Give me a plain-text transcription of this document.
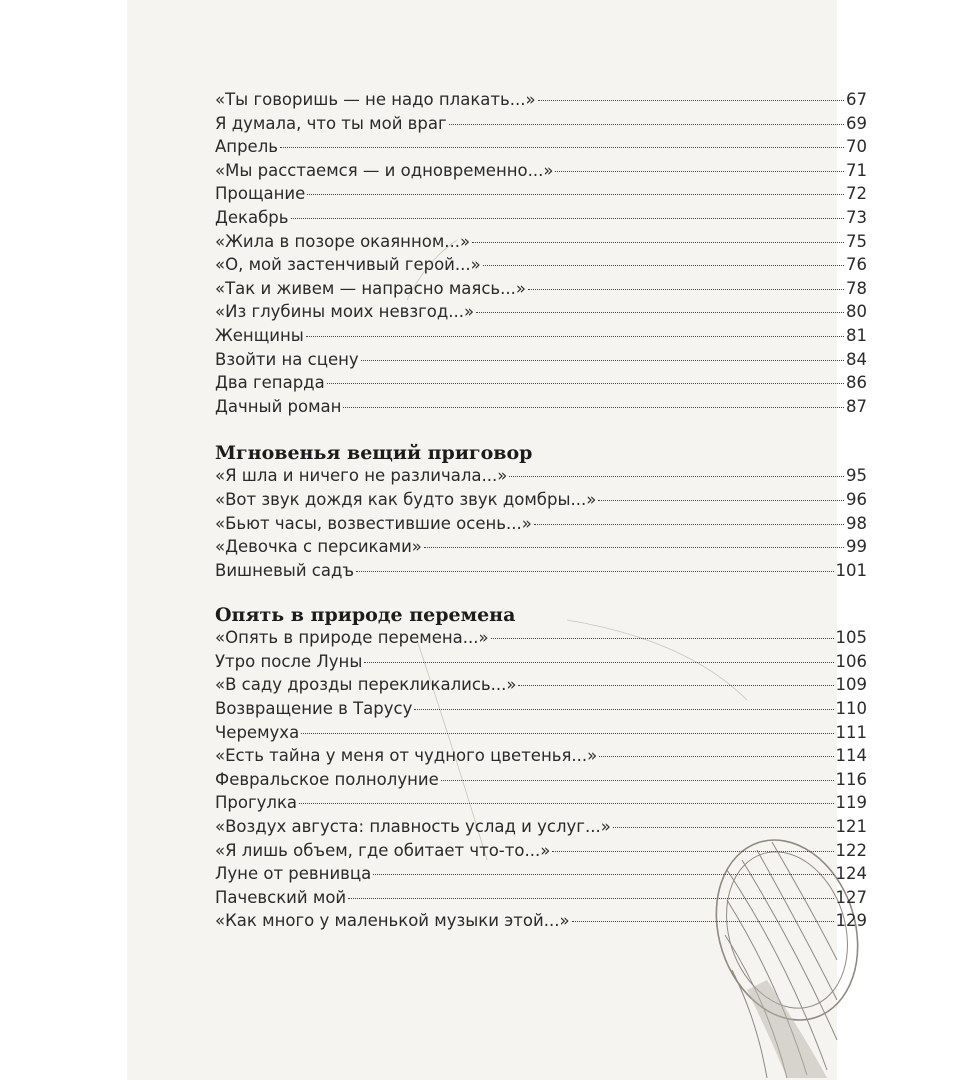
«Ты говоришь — не надо плакать...»	67
Я думала, что ты мой враг	69
Апрель	70
«Мы расстаемся — и одновременно...»	71
Прощание	72
Декабрь	73
«Жила в позоре окаянном...»	75
«О, мой застенчивый герой...»	76
«Так и живем — напрасно маясь...»	78
«Из глубины моих невзгод...»	80
Женщины	81
Взойти на сцену	84
Два гепарда	86
Дачный роман	87
Мгновенья вещий приговор
«Я шла и ничего не различала...»	95
«Вот звук дождя как будто звук домбры...»	96
«Бьют часы, возвестившие осень...»	98
«Девочка с персиками»	99
Вишневый садъ	101
Опять в природе перемена
«Опять в природе перемена...»	105
Утро после Луны	106
«В саду дрозды перекликались...»	109
Возвращение в Тарусу	110
Черемуха	111
«Есть тайна у меня от чудного цветенья...»	114
Февральское полнолуние	116
Прогулка	119
«Воздух августа: плавность услад и услуг...»	121
«Я лишь объем, где обитает что-то...»	122
Луне от ревнивца	124
Пачевский мой	127
«Как много у маленькой музыки этой...»	129
